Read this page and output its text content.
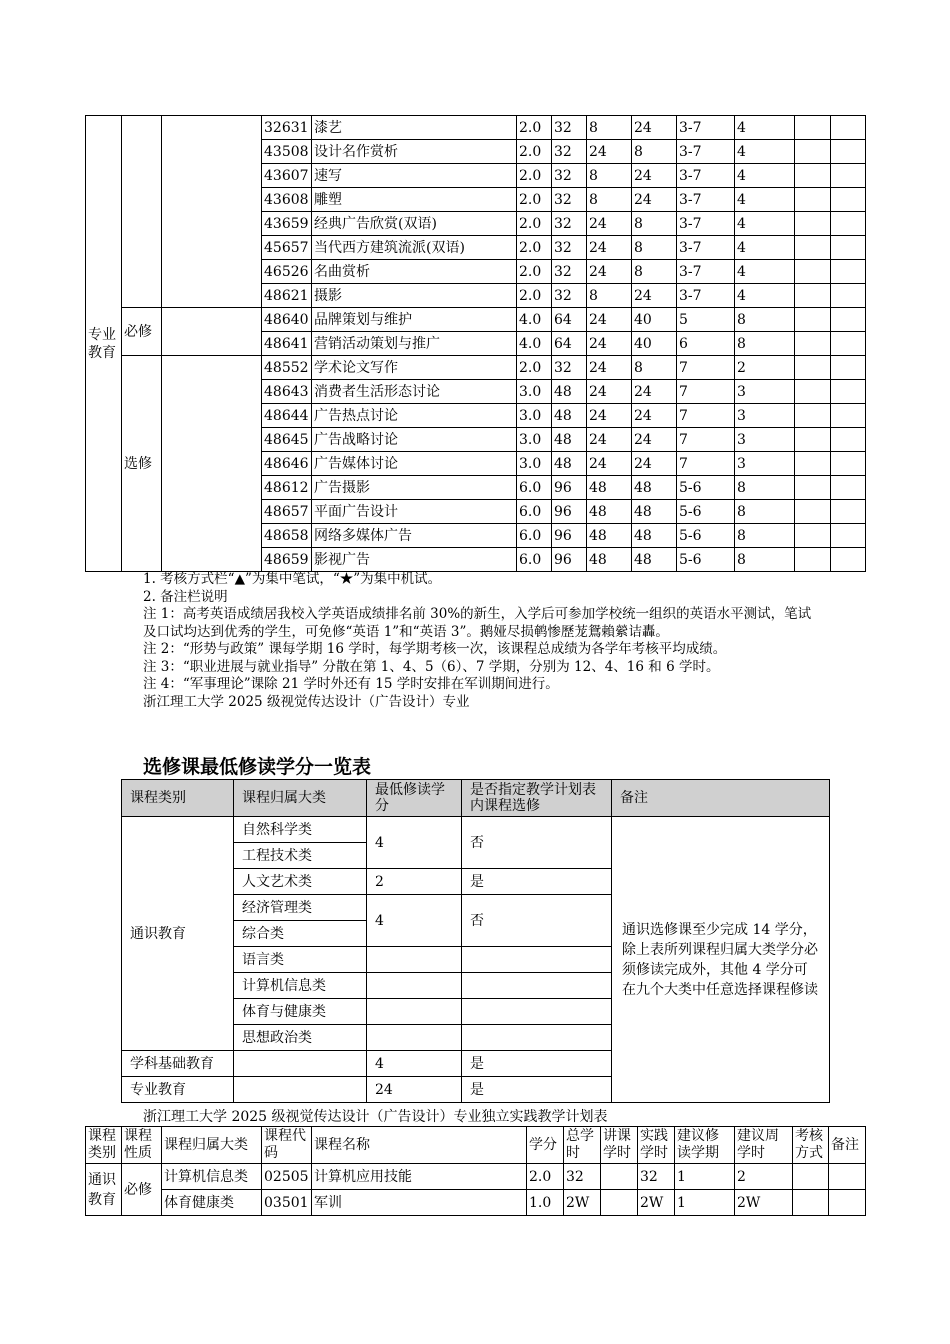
专业教育			32631	漆艺	2.0	32	8	24	3-7	4		
			43508	设计名作赏析	2.0	32	24	8	3-7	4		
			43607	速写	2.0	32	8	24	3-7	4		
			43608	雕塑	2.0	32	8	24	3-7	4		
			43659	经典广告欣赏(双语)	2.0	32	24	8	3-7	4		
			45657	当代西方建筑流派(双语)	2.0	32	24	8	3-7	4		
			46526	名曲赏析	2.0	32	24	8	3-7	4		
			48621	摄影	2.0	32	8	24	3-7	4		
	必修		48640	品牌策划与维护	4.0	64	24	40	5	8		
			48641	营销活动策划与推广	4.0	64	24	40	6	8		
	选修		48552	学术论文写作	2.0	32	24	8	7	2		
			48643	消费者生活形态讨论	3.0	48	24	24	7	3		
			48644	广告热点讨论	3.0	48	24	24	7	3		
			48645	广告战略讨论	3.0	48	24	24	7	3		
			48646	广告媒体讨论	3.0	48	24	24	7	3		
			48612	广告摄影	6.0	96	48	48	5-6	8		
			48657	平面广告设计	6.0	96	48	48	5-6	8		
			48658	网络多媒体广告	6.0	96	48	48	5-6	8		
			48659	影视广告	6.0	96	48	48	5-6	8		

1. 考核方式栏“▲”为集中笔试，“★”为集中机试。

2. 备注栏说明

注 1：高考英语成绩居我校入学英语成绩排名前 30%的新生，入学后可参加学校统一组织的英语水平测试，笔试及口试均达到优秀的学生，可免修“英语 1”和“英语 3”。鹅娅尽损鹌惨歷茏鴛賴縈诘轟。

注 2：“形势与政策” 课每学期 16 学时，每学期考核一次，该课程总成绩为各学年考核平均成绩。

注 3：“职业进展与就业指导” 分散在第 1、4、5（6）、7 学期，分别为 12、4、16 和 6 学时。

注 4：“军事理论”课除 21 学时外还有 15 学时安排在军训期间进行。

浙江理工大学 2025 级视觉传达设计（广告设计）专业

选修课最低修读学分一览表
课程类别	课程归属大类	最低修读学分	是否指定教学计划表内课程选修	备注
通识教育	自然科学类	4	否	通识选修课至少完成 14 学分，除上表所列课程归属大类学分必须修读完成外，其他 4 学分可在九个大类中任意选择课程修读
	工程技术类			
	人文艺术类	2	是	
	经济管理类	4	否	
	综合类			
	语言类			
	计算机信息类			
	体育与健康类			
	思想政治类			
学科基础教育		4	是	
专业教育		24	是	
浙江理工大学 2025 级视觉传达设计（广告设计）专业独立实践教学计划表
课程类别	课程性质	课程归属大类	课程代码	课程名称	学分	总学时	讲课学时	实践学时	建议修读学期	建议周学时	考核方式	备注
通识教育	必修	计算机信息类	02505	计算机应用技能	2.0	32		32	1	2		
		体育健康类	03501	军训	1.0	2W		2W	1	2W		
